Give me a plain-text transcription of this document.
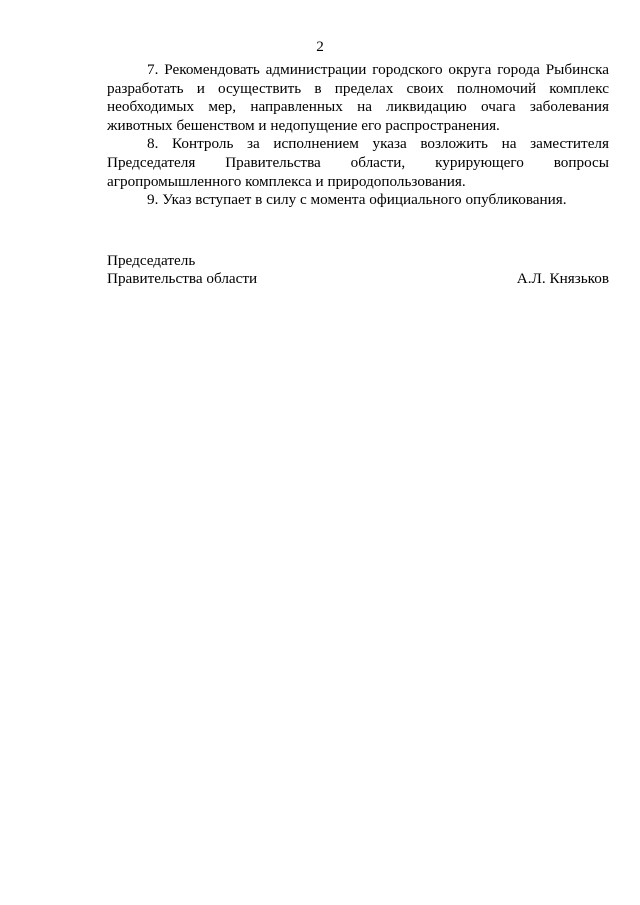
2

7. Рекомендовать администрации городского округа города Рыбинска разработать и осуществить в пределах своих полномочий комплекс необходимых мер, направленных на ликвидацию очага заболевания животных бешенством и недопущение его распространения.

8. Контроль за исполнением указа возложить на заместителя Председателя Правительства области, курирующего вопросы агропромышленного комплекса и природопользования.

9. Указ вступает в силу с момента официального опубликования.

Председатель
Правительства области	А.Л. Князьков
